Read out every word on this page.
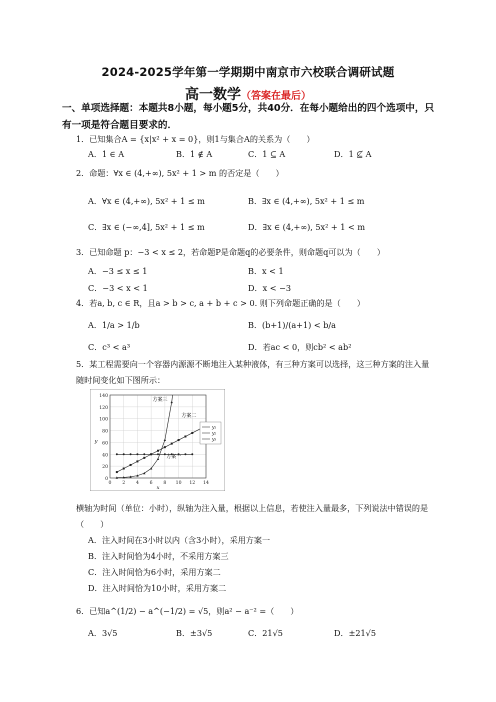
2024-2025学年第一学期期中南京市六校联合调研试题
高一数学（答案在最后）
一、单项选择题：本题共8小题，每小题5分，共40分．在每小题给出的四个选项中，只有一项是符合题目要求的．
1．已知集合A = {x|x² + x = 0}，则1与集合A的关系为（　　）
A．1 ∈ A	B．1 ∉ A	C．1 ⊆ A	D．1 ⊈ A
2．命题：∀x ∈ (4,+∞), 5x² + 1 > m 的否定是（　　）
A．∀x ∈ (4,+∞), 5x² + 1 ≤ m	B．∃x ∈ (4,+∞), 5x² + 1 ≤ m
C．∃x ∈ (−∞,4], 5x² + 1 ≤ m	D．∃x ∈ (4,+∞), 5x² + 1 < m
3．已知命题 p：−3 < x ≤ 2，若命题P是命题q的必要条件，则命题q可以为（　　）
A．−3 ≤ x ≤ 1	B．x < 1
C．−3 < x < 1	D．x < −3
4．若a, b, c ∈ R，且a > b > c, a + b + c > 0. 则下列命题正确的是（　　）
A．1/a > 1/b	B．(b+1)/(a+1) < b/a
C．c³ < a³	D．若ac < 0，则cb² < ab²
5．某工程需要向一个容器内源源不断地注入某种液体，有三种方案可以选择，这三种方案的注入量随时间变化如下图所示：
0
20
40
60
80
100
120
140
0 2 4 6 8 10 12 14
x
y
y₁
y₂
y₃
方案三
方案二
方案一
横轴为时间（单位：小时），纵轴为注入量，根据以上信息，若使注入量最多，下列说法中错误的是（　　）
A．注入时间在3小时以内（含3小时），采用方案一
B．注入时间恰为4小时，不采用方案三
C．注入时间恰为6小时，采用方案二
D．注入时间恰为10小时，采用方案二
6．已知a^(1/2) − a^(−1/2) = √5，则a² − a⁻² =（　　）
A．3√5	B．±3√5	C．21√5	D．±21√5
